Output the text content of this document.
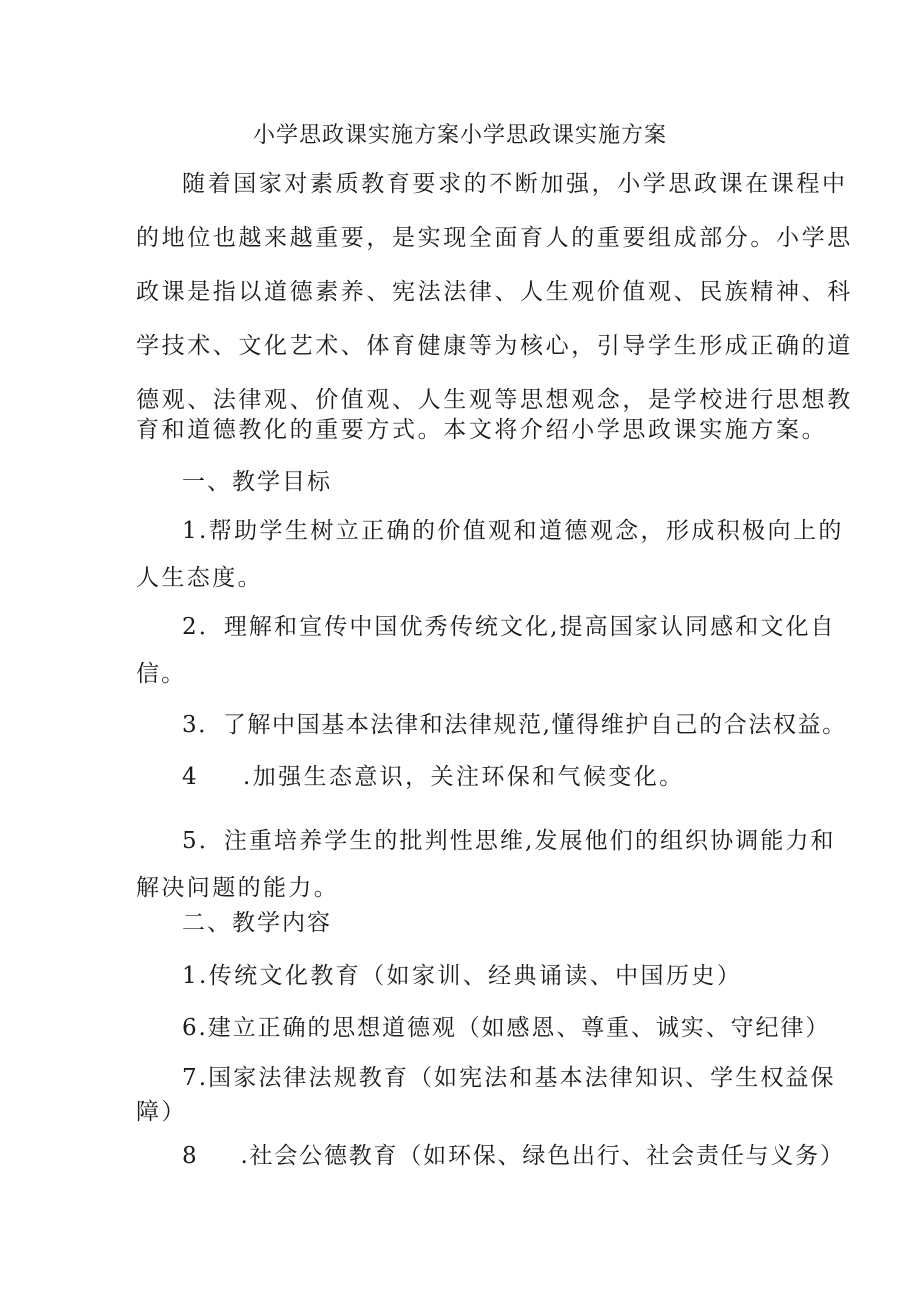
小学思政课实施方案小学思政课实施方案
随着国家对素质教育要求的不断加强，小学思政课在课程中
的地位也越来越重要，是实现全面育人的重要组成部分。小学思
政课是指以道德素养、宪法法律、人生观价值观、民族精神、科
学技术、文化艺术、体育健康等为核心，引导学生形成正确的道
德观、法律观、价值观、人生观等思想观念，是学校进行思想教
育和道德教化的重要方式。本文将介绍小学思政课实施方案。
一、教学目标
1.帮助学生树立正确的价值观和道德观念，形成积极向上的
人生态度。
2．理解和宣传中国优秀传统文化,提高国家认同感和文化自
信。
3．了解中国基本法律和法律规范,懂得维护自己的合法权益。
4 .加强生态意识，关注环保和气候变化。
5．注重培养学生的批判性思维,发展他们的组织协调能力和
解决问题的能力。
二、教学内容
1.传统文化教育（如家训、经典诵读、中国历史）
6.建立正确的思想道德观（如感恩、尊重、诚实、守纪律）
7.国家法律法规教育（如宪法和基本法律知识、学生权益保
障）
8 .社会公德教育（如环保、绿色出行、社会责任与义务）
